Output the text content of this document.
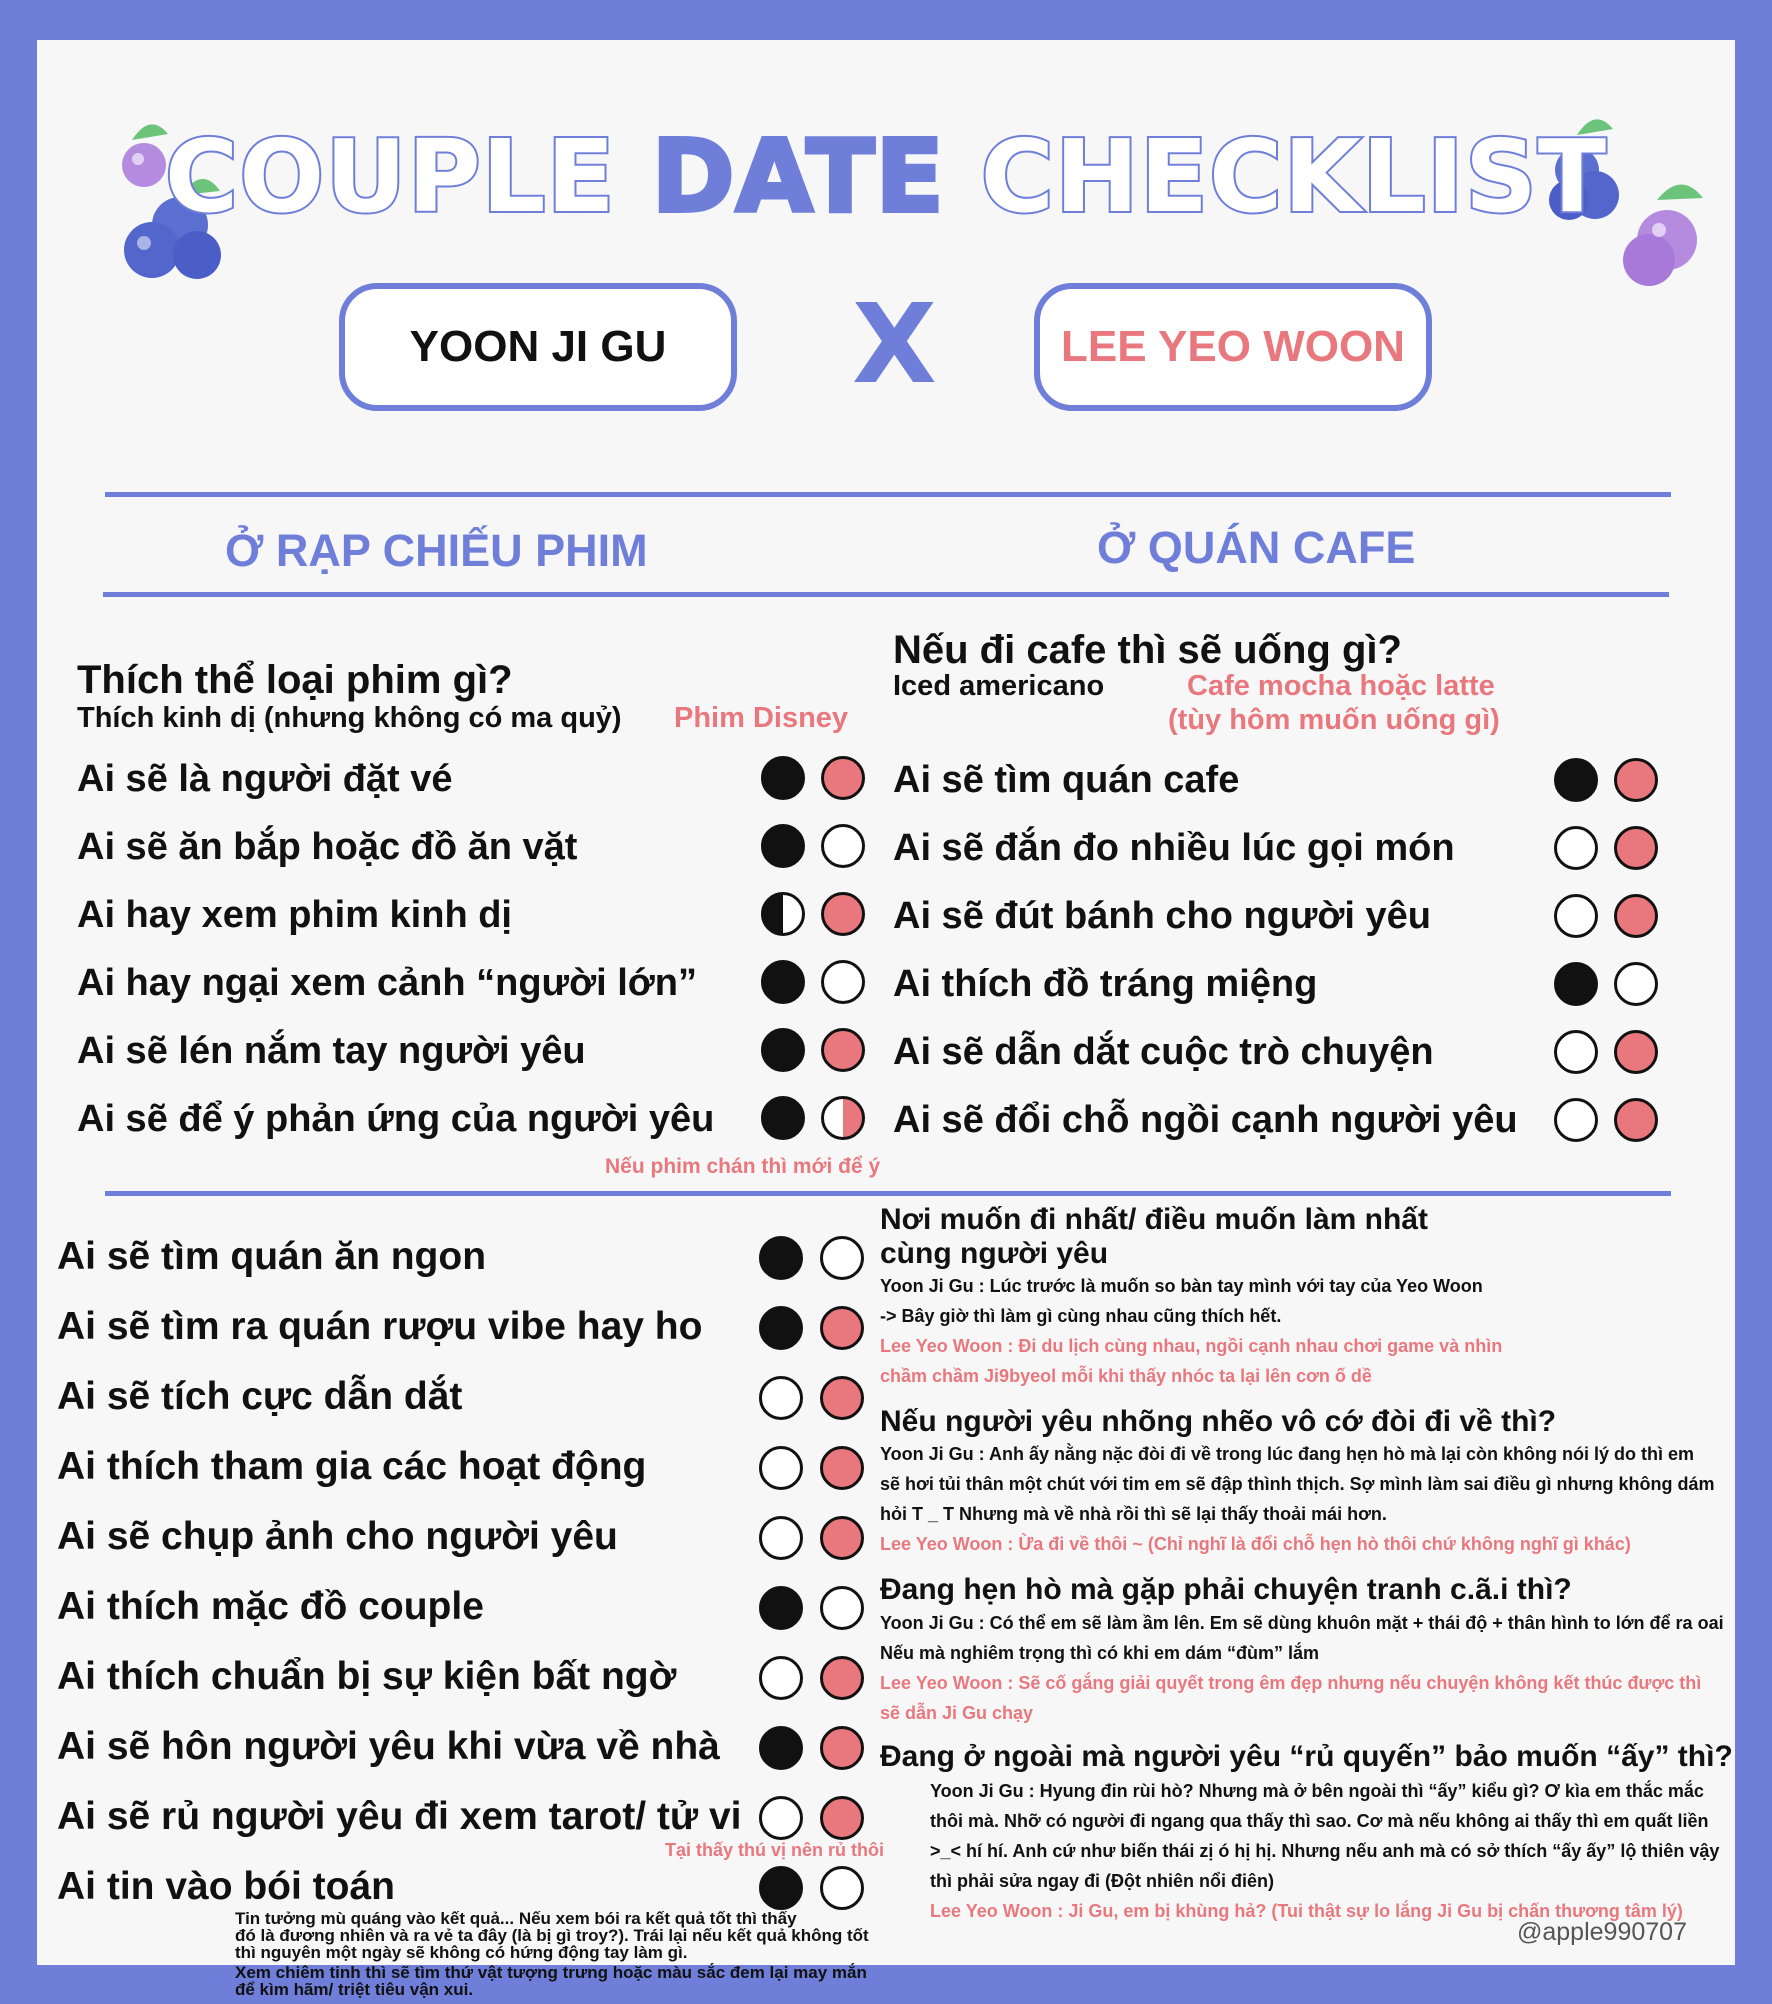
COUPLE DATE CHECKLIST
YOON JI GU X	LEE YEO WOON
Ở RẠP CHIẾU PHIM	Ở QUÁN CAFE
Thích thể loại phim gì?
Thích kinh dị (nhưng không có ma quỷ) Phim Disney
Ai sẽ là người đặt vé
Ai sẽ ăn bắp hoặc đồ ăn vặt
Ai hay xem phim kinh dị
Ai hay ngại xem cảnh “người lớn”
Ai sẽ lén nắm tay người yêu
Ai sẽ để ý phản ứng của người yêu
Nếu phim chán thì mới để ý
Nếu đi cafe thì sẽ uống gì?
Iced americano	Cafe mocha hoặc latte
(tùy hôm muốn uống gì)
Ai sẽ tìm quán cafe
Ai sẽ đắn đo nhiều lúc gọi món
Ai sẽ đút bánh cho người yêu
Ai thích đồ tráng miệng
Ai sẽ dẫn dắt cuộc trò chuyện
Ai sẽ đổi chỗ ngồi cạnh người yêu
Ai sẽ tìm quán ăn ngon
Ai sẽ tìm ra quán rượu vibe hay ho
Ai sẽ tích cực dẫn dắt
Ai thích tham gia các hoạt động
Ai sẽ chụp ảnh cho người yêu
Ai thích mặc đồ couple
Ai thích chuẩn bị sự kiện bất ngờ
Ai sẽ hôn người yêu khi vừa về nhà
Ai sẽ rủ người yêu đi xem tarot/ tử vi
Ai tin vào bói toán
Tại thấy thú vị nên rủ thôi
Tin tưởng mù quáng vào kết quả... Nếu xem bói ra kết quả tốt thì thấy
đó là đương nhiên và ra vẻ ta đây (là bị gì troy?). Trái lại nếu kết quả không tốt
thì nguyên một ngày sẽ không có hứng động tay làm gì.
Xem chiêm tinh thì sẽ tìm thứ vật tượng trưng hoặc màu sắc đem lại may mắn
để kìm hãm/ triệt tiêu vận xui.
Nơi muốn đi nhất/ điều muốn làm nhất
cùng người yêu
Yoon Ji Gu : Lúc trước là muốn so bàn tay mình với tay của Yeo Woon
-> Bây giờ thì làm gì cùng nhau cũng thích hết.
Lee Yeo Woon : Đi du lịch cùng nhau, ngồi cạnh nhau chơi game và nhìn
chầm chầm Ji9byeol mỗi khi thấy nhóc ta lại lên cơn ố dề
Nếu người yêu nhõng nhẽo vô cớ đòi đi về thì?
Yoon Ji Gu : Anh ấy nằng nặc đòi đi về trong lúc đang hẹn hò mà lại còn không nói lý do thì em
sẽ hơi tủi thân một chút với tim em sẽ đập thình thịch. Sợ mình làm sai điều gì nhưng không dám
hỏi T _ T Nhưng mà về nhà rồi thì sẽ lại thấy thoải mái hơn.
Lee Yeo Woon : Ừa đi về thôi ~ (Chỉ nghĩ là đổi chỗ hẹn hò thôi chứ không nghĩ gì khác)
Đang hẹn hò mà gặp phải chuyện tranh c.ã.i thì?
Yoon Ji Gu : Có thể em sẽ làm ầm lên. Em sẽ dùng khuôn mặt + thái độ + thân hình to lớn để ra oai
Nếu mà nghiêm trọng thì có khi em dám “đùm” lắm
Lee Yeo Woon : Sẽ cố gắng giải quyết trong êm đẹp nhưng nếu chuyện không kết thúc được thì
sẽ dẫn Ji Gu chạy
Đang ở ngoài mà người yêu “rủ quyến” bảo muốn “ấy” thì?
Yoon Ji Gu : Hyung đin rùi hò? Nhưng mà ở bên ngoài thì “ấy” kiểu gì? Ơ kìa em thắc mắc
thôi mà. Nhỡ có người đi ngang qua thấy thì sao. Cơ mà nếu không ai thấy thì em quất liền
>_< hí hí. Anh cứ như biến thái zị ó hị hị. Nhưng nếu anh mà có sở thích “ấy ấy” lộ thiên vậy
thì phải sửa ngay đi (Đột nhiên nổi điên)
Lee Yeo Woon : Ji Gu, em bị khùng hả? (Tui thật sự lo lắng Ji Gu bị chấn thương tâm lý)
@apple990707
